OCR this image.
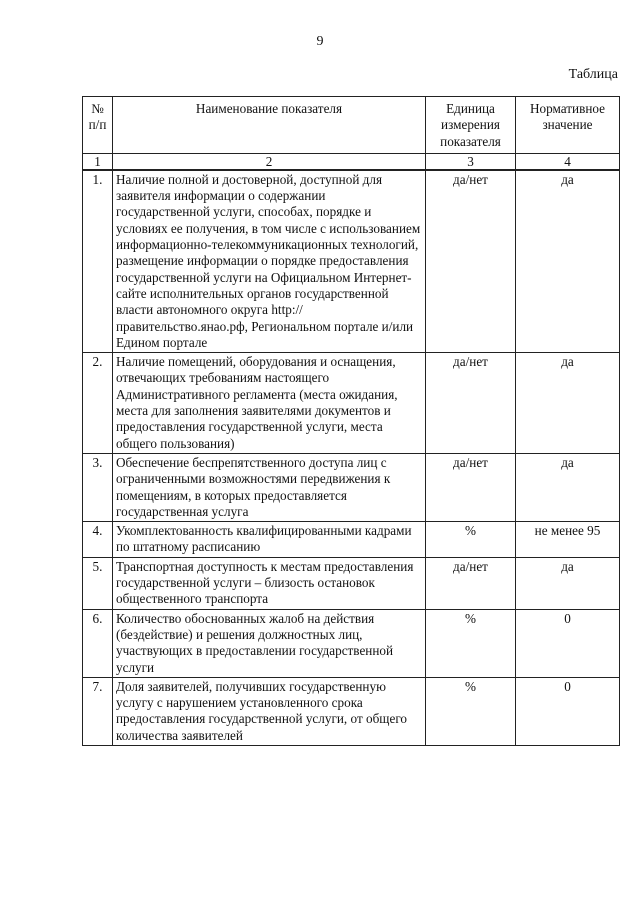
9
Таблица
№ п/п	Наименование показателя	Единица измерения показателя	Нормативное значение
1	2	3	4
1.	Наличие полной и достоверной, доступной для заявителя информации о содержании государственной услуги, способах, порядке и условиях ее получения, в том числе с использованием информационно-телекоммуникационных технологий, размещение информации о порядке предоставления государственной услуги на Официальном Интернет-сайте исполнительных органов государственной власти автономного округа http://правительство.янао.рф, Региональном портале и/или Едином портале	да/нет	да
2.	Наличие помещений, оборудования и оснащения, отвечающих требованиям настоящего Административного регламента (места ожидания, места для заполнения заявителями документов и предоставления государственной услуги, места общего пользования)	да/нет	да
3.	Обеспечение беспрепятственного доступа лиц с ограниченными возможностями передвижения к помещениям, в которых предоставляется государственная услуга	да/нет	да
4.	Укомплектованность квалифицированными кадрами по штатному расписанию	%	не менее 95
5.	Транспортная доступность к местам предоставления государственной услуги – близость остановок общественного транспорта	да/нет	да
6.	Количество обоснованных жалоб на действия (бездействие) и решения должностных лиц, участвующих в предоставлении государственной услуги	%	0
7.	Доля заявителей, получивших государственную услугу с нарушением установленного срока предоставления государственной услуги, от общего количества заявителей	%	0
